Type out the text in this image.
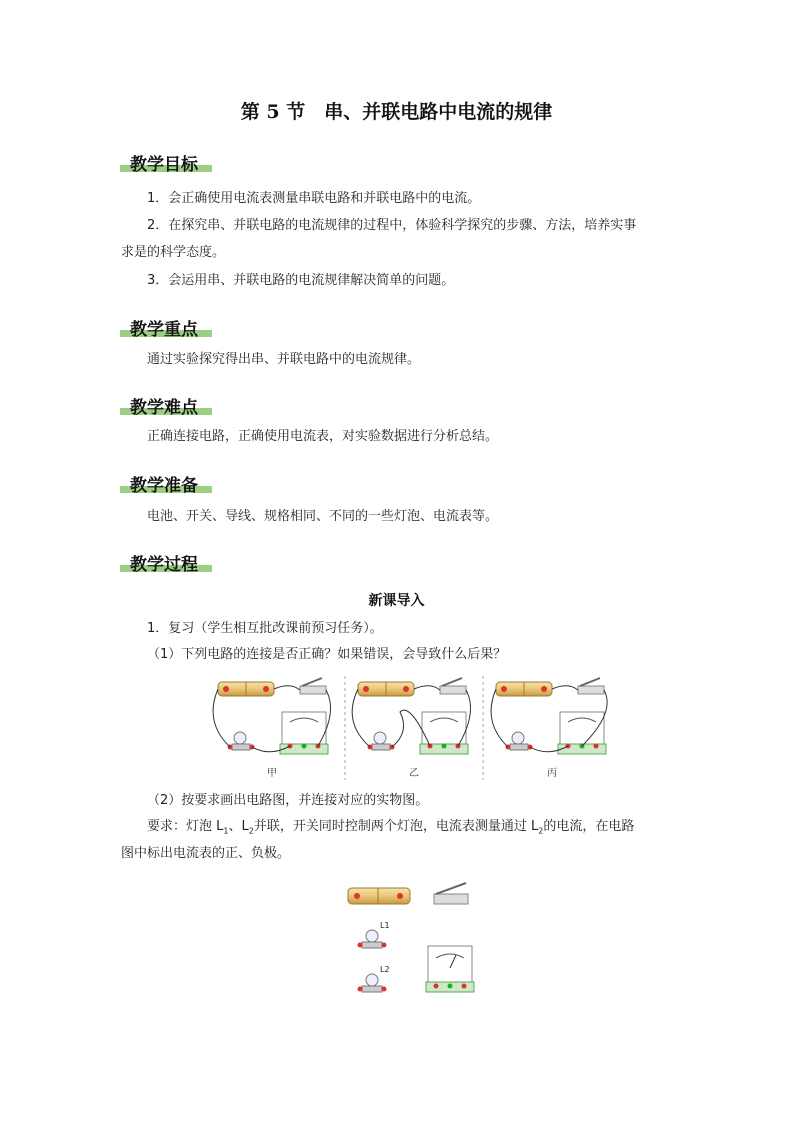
第 5 节　串、并联电路中电流的规律
教学目标
1．会正确使用电流表测量串联电路和并联电路中的电流。
2．在探究串、并联电路的电流规律的过程中，体验科学探究的步骤、方法，培养实事
求是的科学态度。
3．会运用串、并联电路的电流规律解决简单的问题。
教学重点
通过实验探究得出串、并联电路中的电流规律。
教学难点
正确连接电路，正确使用电流表，对实验数据进行分析总结。
教学准备
电池、开关、导线、规格相同、不同的一些灯泡、电流表等。
教学过程
新课导入
1．复习（学生相互批改课前预习任务）。
（1）下列电路的连接是否正确？如果错误，会导致什么后果？
甲	乙	丙
（2）按要求画出电路图，并连接对应的实物图。
要求：灯泡 $L_1$、$L_2$并联，开关同时控制两个灯泡，电流表测量通过 $L_2$的电流，在电路
图中标出电流表的正、负极。
L1
L2
